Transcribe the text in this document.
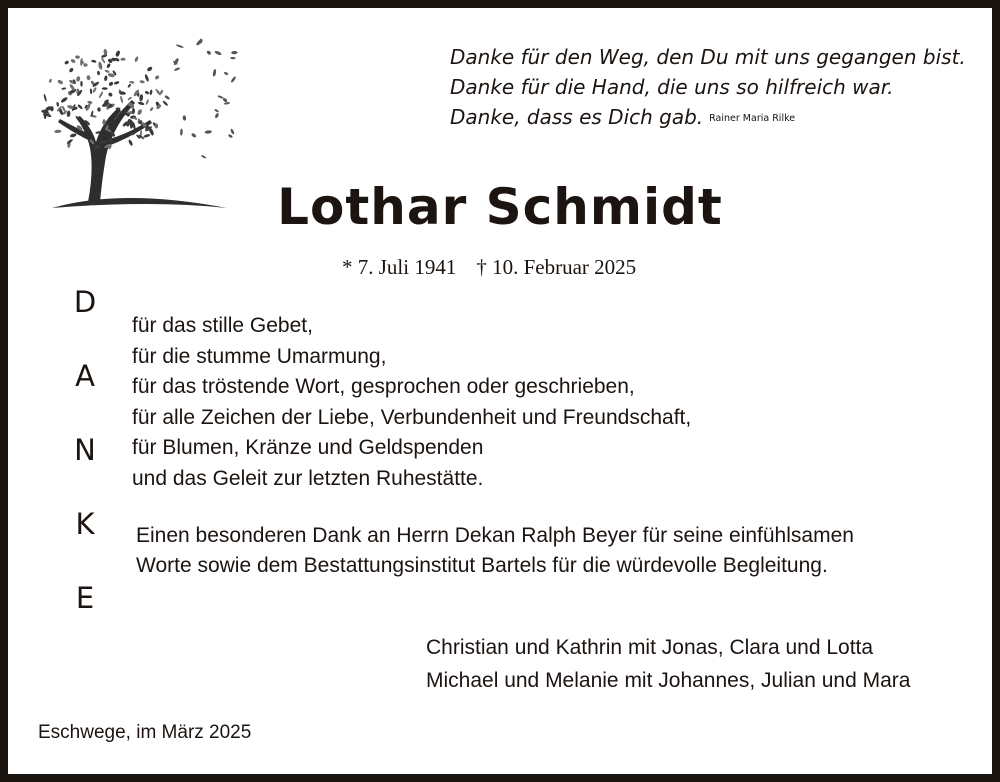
Danke für den Weg, den Du mit uns gegangen bist.
Danke für die Hand, die uns so hilfreich war.
Danke, dass es Dich gab. Rainer Maria Rilke
Lothar Schmidt
* 7. Juli 1941 † 10. Februar 2025
D
A
N
K
E
für das stille Gebet,
für die stumme Umarmung,
für das tröstende Wort, gesprochen oder geschrieben,
für alle Zeichen der Liebe, Verbundenheit und Freundschaft,
für Blumen, Kränze und Geldspenden
und das Geleit zur letzten Ruhestätte.
Einen besonderen Dank an Herrn Dekan Ralph Beyer für seine einfühlsamen
Worte sowie dem Bestattungsinstitut Bartels für die würdevolle Begleitung.
Christian und Kathrin mit Jonas, Clara und Lotta
Michael und Melanie mit Johannes, Julian und Mara
Eschwege, im März 2025
